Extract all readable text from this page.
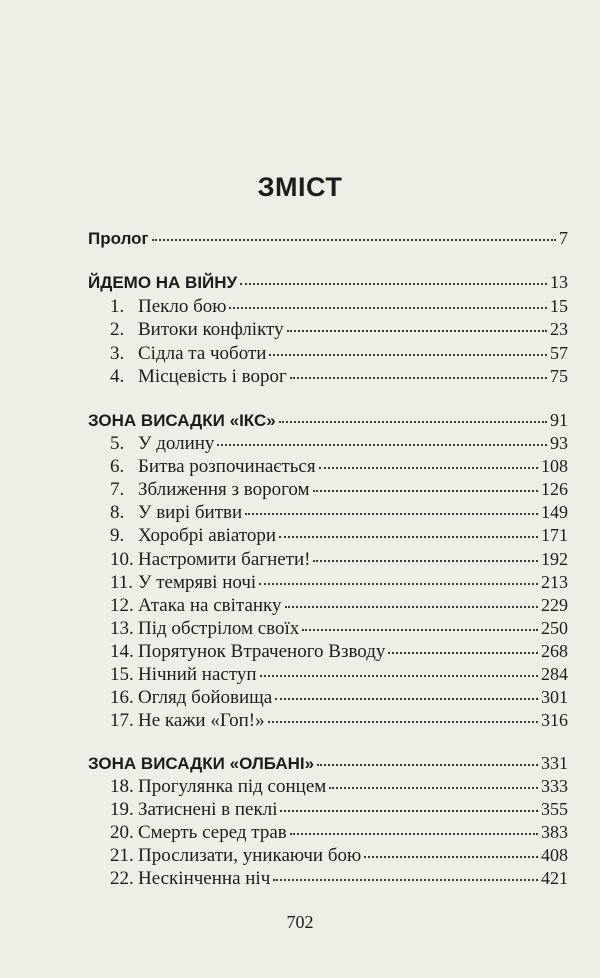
ЗМІСТ
Пролог	7
ЙДЕМО НА ВІЙНУ	13
1. Пекло бою	15
2. Витоки конфлікту	23
3. Сідла та чоботи	57
4. Місцевість і ворог	75
ЗОНА ВИСАДКИ «ІКС»	91
5. У долину	93
6. Битва розпочинається	108
7. Зближення з ворогом	126
8. У вирі битви	149
9. Хоробрі авіатори	171
10. Настромити багнети!	192
11. У темряві ночі	213
12. Атака на світанку	229
13. Під обстрілом своїх	250
14. Порятунок Втраченого Взводу	268
15. Нічний наступ	284
16. Огляд бойовища	301
17. Не кажи «Гоп!»	316
ЗОНА ВИСАДКИ «ОЛБАНІ»	331
18. Прогулянка під сонцем	333
19. Затиснені в пеклі	355
20. Смерть серед трав	383
21. Прослизати, уникаючи бою	408
22. Нескінченна ніч	421
702
